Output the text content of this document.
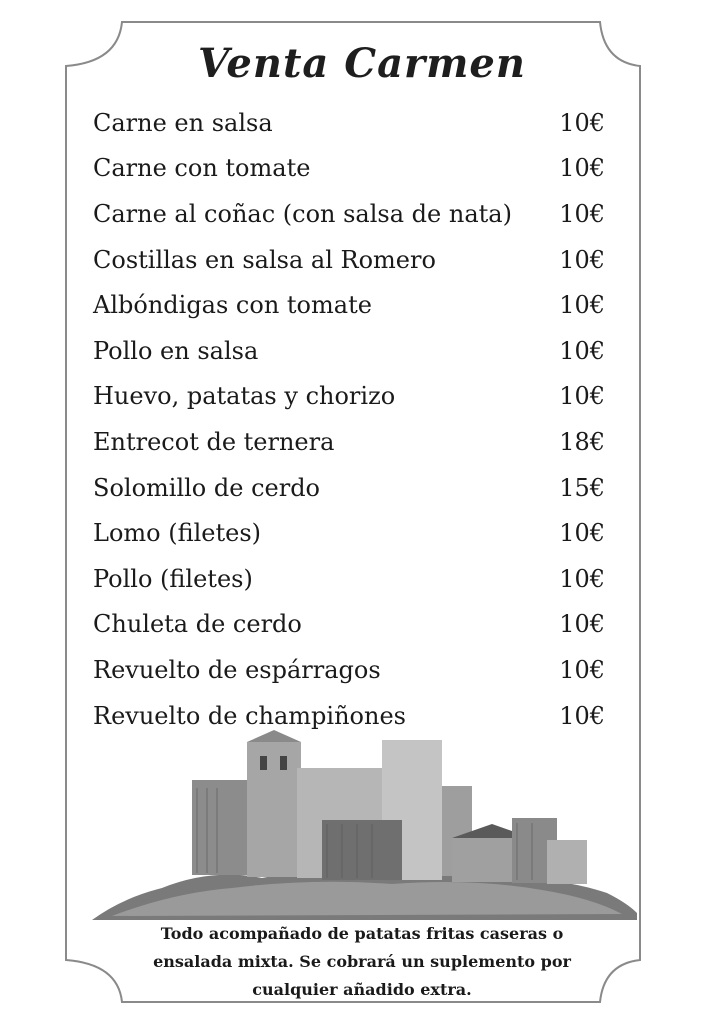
Venta Carmen
Carne en salsa	10€
Carne con tomate	10€
Carne al coñac (con salsa de nata) 10€
Costillas en salsa al Romero	10€
Albóndigas con tomate	10€
Pollo en salsa	10€
Huevo, patatas y chorizo	10€
Entrecot de ternera	18€
Solomillo de cerdo	15€
Lomo (filetes)	10€
Pollo (filetes)	10€
Chuleta de cerdo	10€
Revuelto de espárragos	10€
Revuelto de champiñones	10€
Todo acompañado de patatas fritas caseras o
ensalada mixta. Se cobrará un suplemento por
cualquier añadido extra.
